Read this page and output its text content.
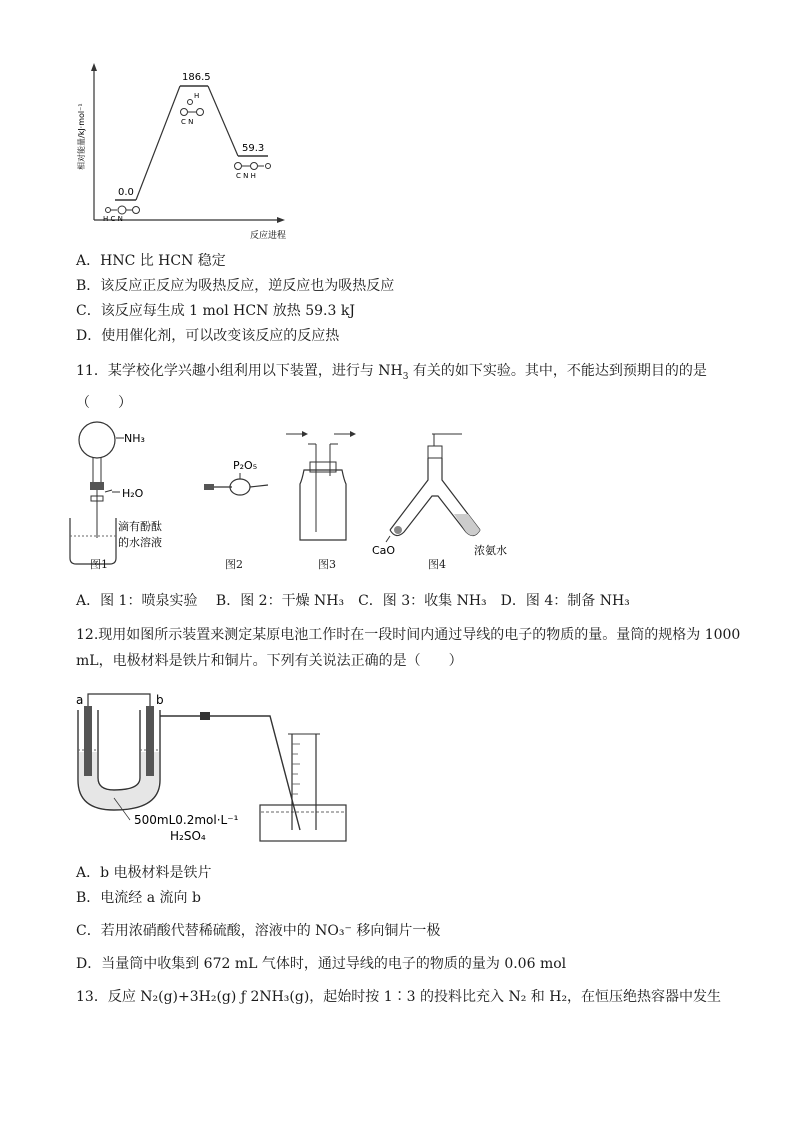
0.0
186.5
59.3
H C N
H
C N
C N H
反应进程
相对能量/kJ·mol⁻¹
A．HNC 比 HCN 稳定
B．该反应正反应为吸热反应，逆反应也为吸热反应
C．该反应每生成 1 mol HCN 放热 59.3 kJ
D．使用催化剂，可以改变该反应的反应热
11．某学校化学兴趣小组利用以下装置，进行与 $NH_3$ 有关的如下实验。其中，不能达到预期目的的是
（　　）
NH₃
H₂O
滴有酚酞
的水溶液
P₂O₅
CaO	浓氨水
图1	图2	图3	图4
A．图 1：喷泉实验　 B．图 2：干燥 NH₃　C．图 3：收集 NH₃　D．图 4：制备 NH₃
12.现用如图所示装置来测定某原电池工作时在一段时间内通过导线的电子的物质的量。量筒的规格为 1000
mL，电极材料是铁片和铜片。下列有关说法正确的是（　　）
a	b
500mL0.2mol·L⁻¹
H₂SO₄
A．b 电极材料是铁片
B．电流经 a 流向 b
C．若用浓硝酸代替稀硫酸，溶液中的 NO₃⁻ 移向铜片一极
D．当量筒中收集到 672 mL 气体时，通过导线的电子的物质的量为 0.06 mol
13．反应 N₂(g)+3H₂(g) ƒ 2NH₃(g)，起始时按 1∶3 的投料比充入 N₂ 和 H₂，在恒压绝热容器中发生
